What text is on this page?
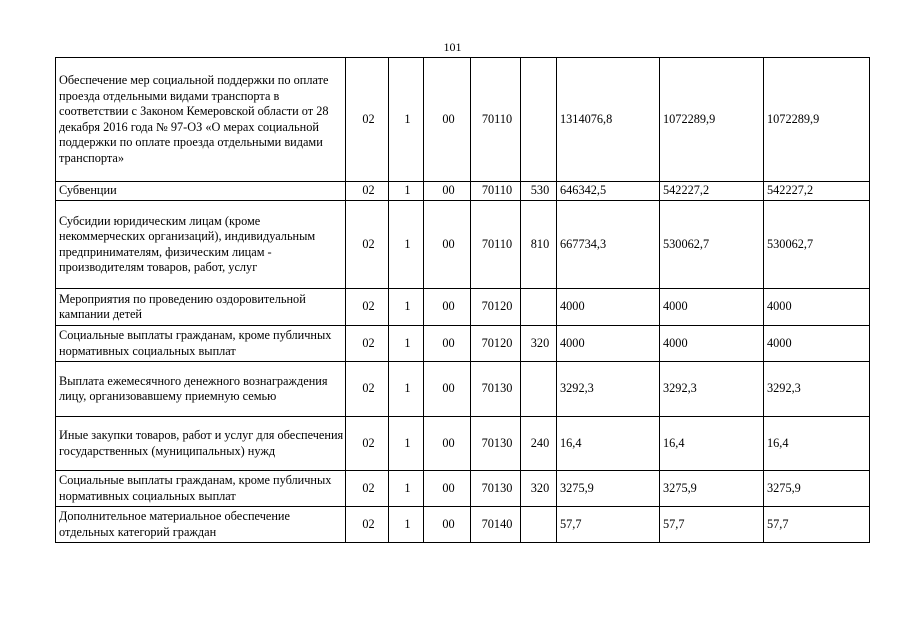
101
Обеспечение мер социальной поддержки по оплате проезда отдельными видами транспорта в соответствии с Законом Кемеровской области от 28 декабря 2016 года № 97-ОЗ «О мерах социальной поддержки по оплате проезда отдельными видами транспорта»	02	1	00	70110		1314076,8	1072289,9	1072289,9
Субвенции	02	1	00	70110	530	646342,5	542227,2	542227,2
Субсидии юридическим лицам (кроме некоммерческих организаций), индивидуальным предпринимателям, физическим лицам - производителям товаров, работ, услуг	02	1	00	70110	810	667734,3	530062,7	530062,7
Мероприятия по проведению оздоровительной кампании детей	02	1	00	70120		4000	4000	4000
Социальные выплаты гражданам, кроме публичных нормативных социальных выплат	02	1	00	70120	320	4000	4000	4000
Выплата ежемесячного денежного вознаграждения лицу, организовавшему приемную семью	02	1	00	70130		3292,3	3292,3	3292,3
Иные закупки товаров, работ и услуг для обеспечения государственных (муниципальных) нужд	02	1	00	70130	240	16,4	16,4	16,4
Социальные выплаты гражданам, кроме публичных нормативных социальных выплат	02	1	00	70130	320	3275,9	3275,9	3275,9
Дополнительное материальное обеспечение отдельных категорий граждан	02	1	00	70140		57,7	57,7	57,7
